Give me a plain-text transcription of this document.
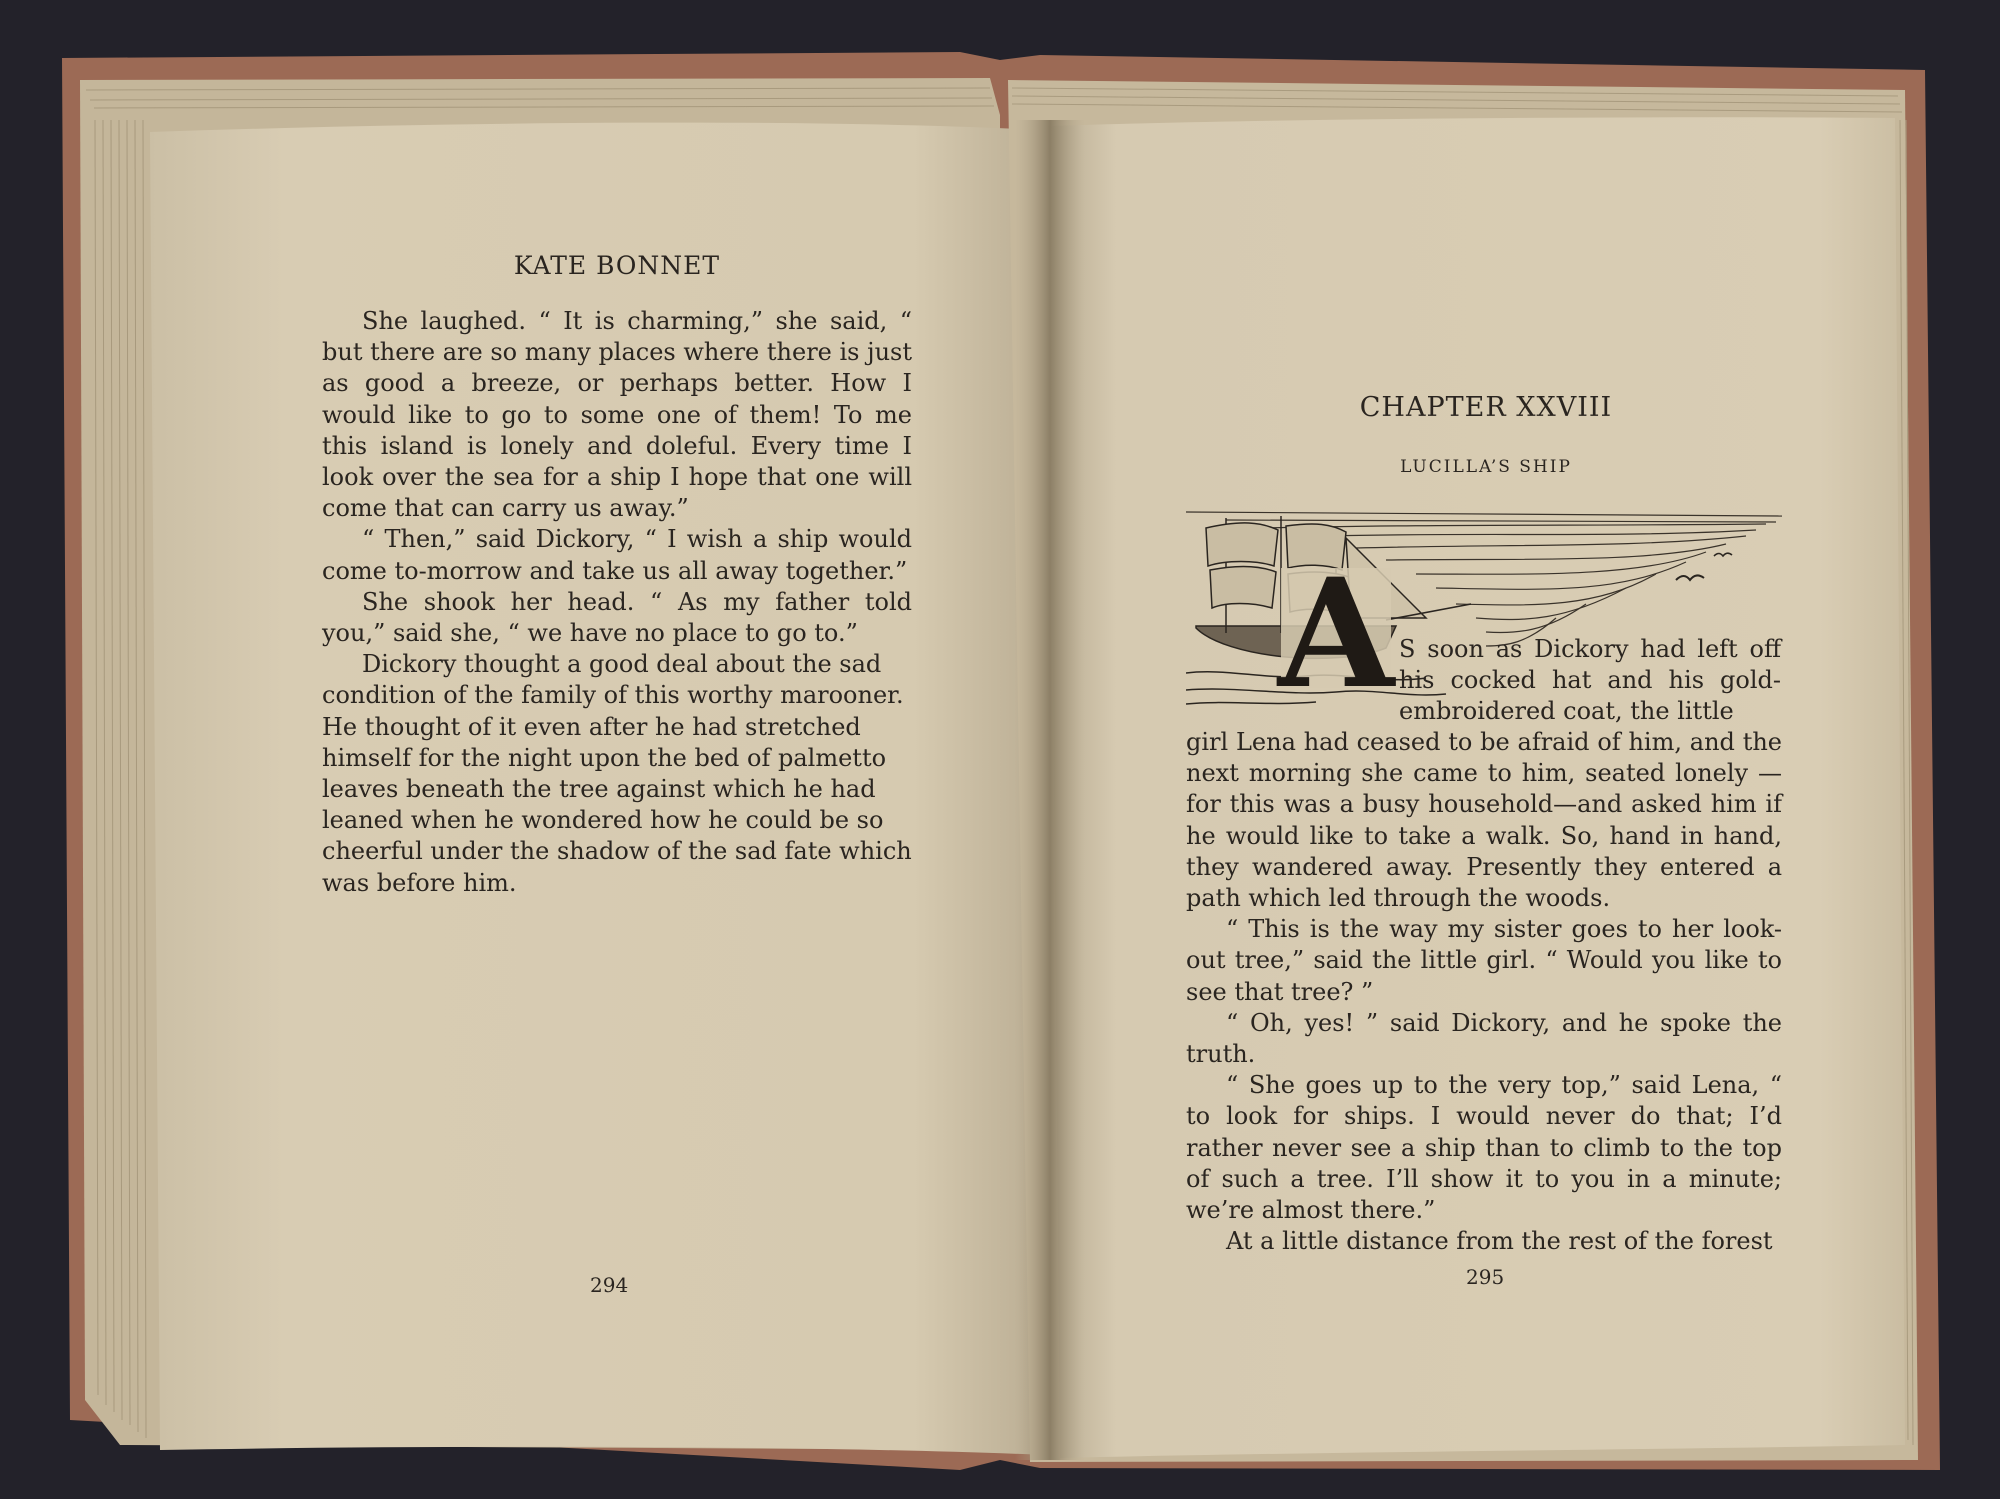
KATE BONNET

She laughed. “ It is charming,” she said, “ but there are so many places where there is just as good a breeze, or perhaps better. How I would like to go to some one of them! To me this island is lonely and doleful. Every time I look over the sea for a ship I hope that one will come that can carry us away.”

“ Then,” said Dickory, “ I wish a ship would come to-morrow and take us all away together.”

She shook her head. “ As my father told you,” said she, “ we have no place to go to.”

Dickory thought a good deal about the sad condition of the family of this worthy marooner. He thought of it even after he had stretched himself for the night upon the bed of palmetto leaves beneath the tree against which he had leaned when he wondered how he could be so cheerful under the shadow of the sad fate which was before him.

294
CHAPTER XXVIII
LUCILLA’S SHIP
A S soon as Dickory had left off his cocked hat and his gold-embroidered coat, the little

girl Lena had ceased to be afraid of him, and the next morning she came to him, seated lonely —for this was a busy household—and asked him if he would like to take a walk. So, hand in hand, they wandered away. Presently they entered a path which led through the woods.

“ This is the way my sister goes to her look-out tree,” said the little girl. “ Would you like to see that tree? ”

“ Oh, yes! ” said Dickory, and he spoke the truth.

“ She goes up to the very top,” said Lena, “ to look for ships. I would never do that; I’d rather never see a ship than to climb to the top of such a tree. I’ll show it to you in a minute; we’re almost there.”

At a little distance from the rest of the forest

295
